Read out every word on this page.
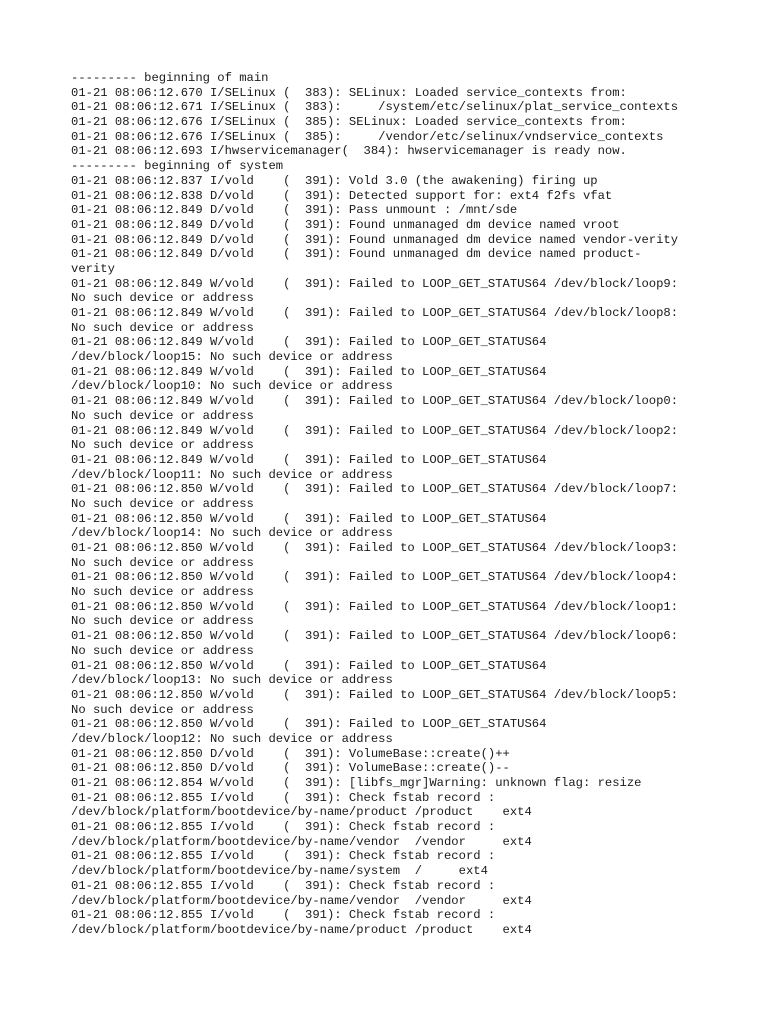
--------- beginning of main
01-21 08:06:12.670 I/SELinux (  383): SELinux: Loaded service_contexts from:
01-21 08:06:12.671 I/SELinux (  383):     /system/etc/selinux/plat_service_contexts
01-21 08:06:12.676 I/SELinux (  385): SELinux: Loaded service_contexts from:
01-21 08:06:12.676 I/SELinux (  385):     /vendor/etc/selinux/vndservice_contexts
01-21 08:06:12.693 I/hwservicemanager(  384): hwservicemanager is ready now.
--------- beginning of system
01-21 08:06:12.837 I/vold    (  391): Vold 3.0 (the awakening) firing up
01-21 08:06:12.838 D/vold    (  391): Detected support for: ext4 f2fs vfat
01-21 08:06:12.849 D/vold    (  391): Pass unmount : /mnt/sde
01-21 08:06:12.849 D/vold    (  391): Found unmanaged dm device named vroot
01-21 08:06:12.849 D/vold    (  391): Found unmanaged dm device named vendor-verity
01-21 08:06:12.849 D/vold    (  391): Found unmanaged dm device named product-
verity
01-21 08:06:12.849 W/vold    (  391): Failed to LOOP_GET_STATUS64 /dev/block/loop9:
No such device or address
01-21 08:06:12.849 W/vold    (  391): Failed to LOOP_GET_STATUS64 /dev/block/loop8:
No such device or address
01-21 08:06:12.849 W/vold    (  391): Failed to LOOP_GET_STATUS64
/dev/block/loop15: No such device or address
01-21 08:06:12.849 W/vold    (  391): Failed to LOOP_GET_STATUS64
/dev/block/loop10: No such device or address
01-21 08:06:12.849 W/vold    (  391): Failed to LOOP_GET_STATUS64 /dev/block/loop0:
No such device or address
01-21 08:06:12.849 W/vold    (  391): Failed to LOOP_GET_STATUS64 /dev/block/loop2:
No such device or address
01-21 08:06:12.849 W/vold    (  391): Failed to LOOP_GET_STATUS64
/dev/block/loop11: No such device or address
01-21 08:06:12.850 W/vold    (  391): Failed to LOOP_GET_STATUS64 /dev/block/loop7:
No such device or address
01-21 08:06:12.850 W/vold    (  391): Failed to LOOP_GET_STATUS64
/dev/block/loop14: No such device or address
01-21 08:06:12.850 W/vold    (  391): Failed to LOOP_GET_STATUS64 /dev/block/loop3:
No such device or address
01-21 08:06:12.850 W/vold    (  391): Failed to LOOP_GET_STATUS64 /dev/block/loop4:
No such device or address
01-21 08:06:12.850 W/vold    (  391): Failed to LOOP_GET_STATUS64 /dev/block/loop1:
No such device or address
01-21 08:06:12.850 W/vold    (  391): Failed to LOOP_GET_STATUS64 /dev/block/loop6:
No such device or address
01-21 08:06:12.850 W/vold    (  391): Failed to LOOP_GET_STATUS64
/dev/block/loop13: No such device or address
01-21 08:06:12.850 W/vold    (  391): Failed to LOOP_GET_STATUS64 /dev/block/loop5:
No such device or address
01-21 08:06:12.850 W/vold    (  391): Failed to LOOP_GET_STATUS64
/dev/block/loop12: No such device or address
01-21 08:06:12.850 D/vold    (  391): VolumeBase::create()++
01-21 08:06:12.850 D/vold    (  391): VolumeBase::create()--
01-21 08:06:12.854 W/vold    (  391): [libfs_mgr]Warning: unknown flag: resize
01-21 08:06:12.855 I/vold    (  391): Check fstab record :
/dev/block/platform/bootdevice/by-name/product /product    ext4
01-21 08:06:12.855 I/vold    (  391): Check fstab record :
/dev/block/platform/bootdevice/by-name/vendor  /vendor     ext4
01-21 08:06:12.855 I/vold    (  391): Check fstab record :
/dev/block/platform/bootdevice/by-name/system  /     ext4
01-21 08:06:12.855 I/vold    (  391): Check fstab record :
/dev/block/platform/bootdevice/by-name/vendor  /vendor     ext4
01-21 08:06:12.855 I/vold    (  391): Check fstab record :
/dev/block/platform/bootdevice/by-name/product /product    ext4
